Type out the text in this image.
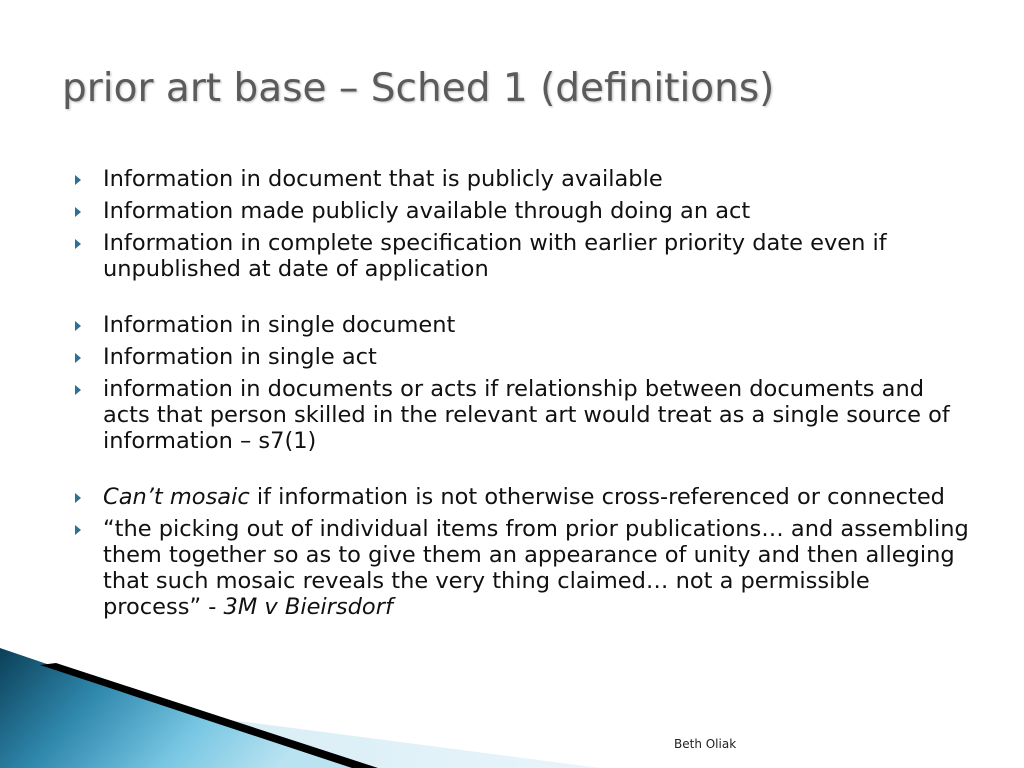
prior art base – Sched 1 (definitions)
Information in document that is publicly available
Information made publicly available through doing an act
Information in complete specification with earlier priority date even if unpublished at date of application
Information in single document
Information in single act
information in documents or acts if relationship between documents and acts that person skilled in the relevant art would treat as a single source of information – s7(1)
Can’t mosaic if information is not otherwise cross-referenced or connected
“the picking out of individual items from prior publications… and assembling them together so as to give them an appearance of unity and then alleging that such mosaic reveals the very thing claimed… not a permissible process” - 3M v Bieirsdorf

Beth Oliak
